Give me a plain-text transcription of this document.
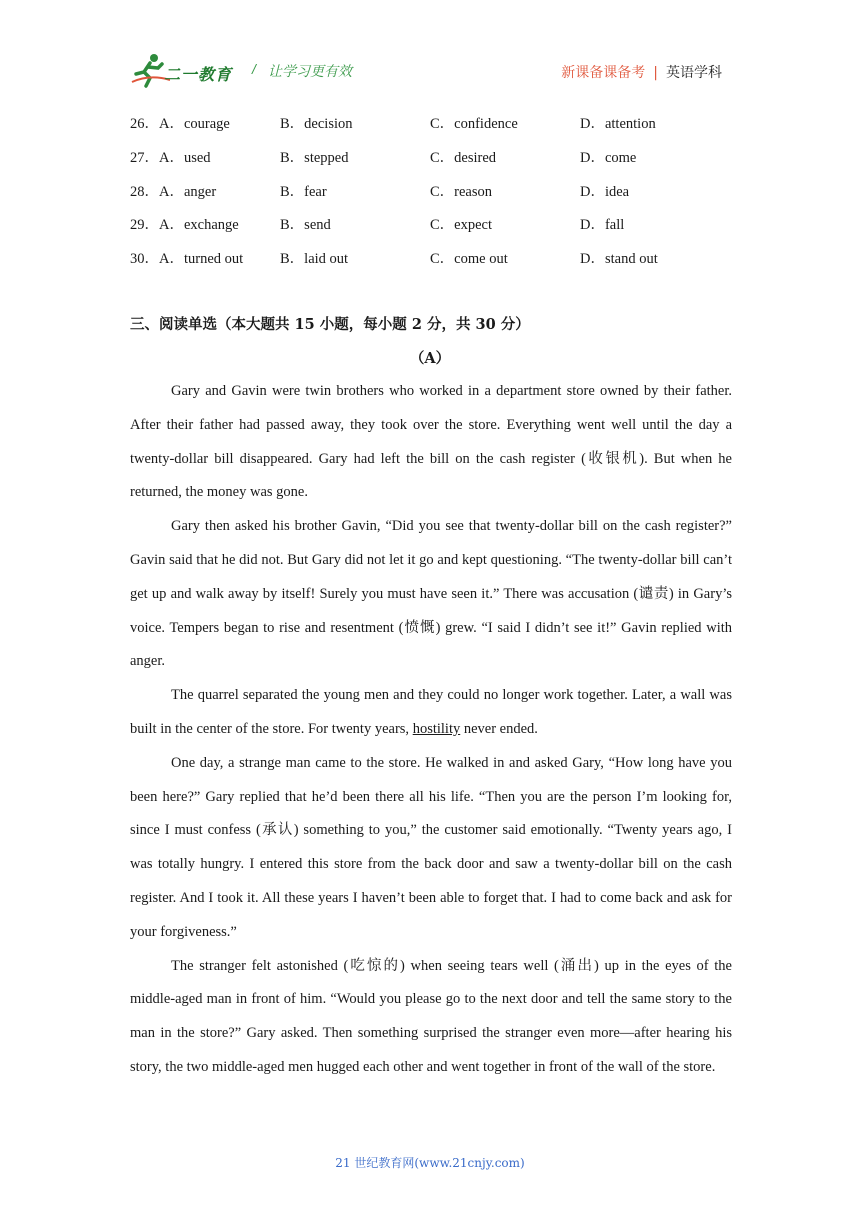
二一教育 / 让学习更有效	新课备课备考 | 英语学科
26．A．courage	B．decision	C．confidence	D．attention
27．A．used	B．stepped	C．desired	D．come
28．A．anger	B．fear	C．reason	D．idea
29．A．exchange	B．send	C．expect	D．fall
30．A．turned out	B．laid out	C．come out	D．stand out
三、阅读单选（本大题共 15 小题，每小题 2 分，共 30 分）
（A）

Gary and Gavin were twin brothers who worked in a department store owned by their father. After their father had passed away, they took over the store. Everything went well until the day a twenty-dollar bill disappeared. Gary had left the bill on the cash register (收银机). But when he returned, the money was gone.

Gary then asked his brother Gavin, “Did you see that twenty-dollar bill on the cash register?” Gavin said that he did not. But Gary did not let it go and kept questioning. “The twenty-dollar bill can’t get up and walk away by itself! Surely you must have seen it.” There was accusation (谴责) in Gary’s voice. Tempers began to rise and resentment (愤慨) grew. “I said I didn’t see it!” Gavin replied with anger.

The quarrel separated the young men and they could no longer work together. Later, a wall was built in the center of the store. For twenty years, hostility never ended.

One day, a strange man came to the store. He walked in and asked Gary, “How long have you been here?” Gary replied that he’d been there all his life. “Then you are the person I’m looking for, since I must confess (承认) something to you,” the customer said emotionally. “Twenty years ago, I was totally hungry. I entered this store from the back door and saw a twenty-dollar bill on the cash register. And I took it. All these years I haven’t been able to forget that. I had to come back and ask for your forgiveness.”

The stranger felt astonished (吃惊的) when seeing tears well (涌出) up in the eyes of the middle-aged man in front of him. “Would you please go to the next door and tell the same story to the man in the store?” Gary asked. Then something surprised the stranger even more—after hearing his story, the two middle-aged men hugged each other and went together in front of the wall of the store.

21 世纪教育网(www.21cnjy.com)
